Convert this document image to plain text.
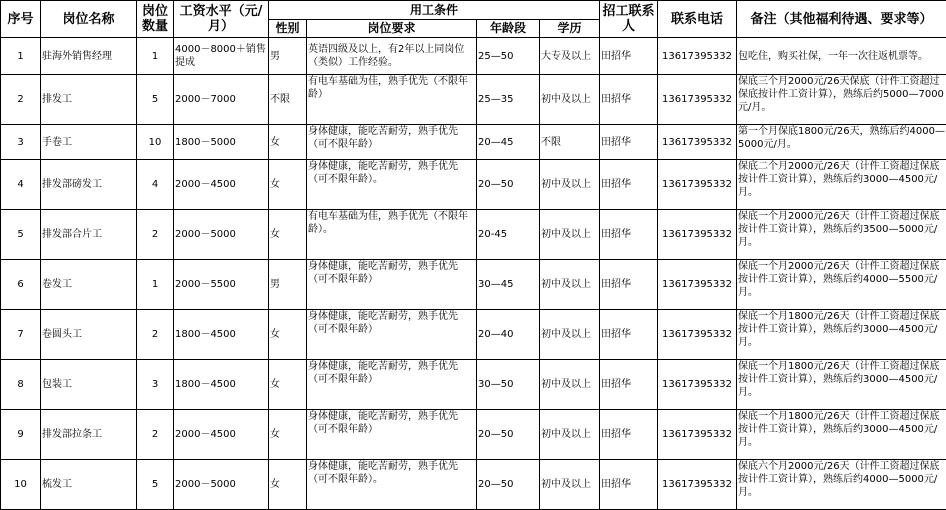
序号	岗位名称	岗位数量	工资水平（元/月）	用工条件				招工联系人	联系电话	备注（其他福利待遇、要求等）
				性别	岗位要求	年龄段	学历			
1	驻海外销售经理	1	4000－8000＋销售提成	男	英语四级及以上，有2年以上同岗位（类似）工作经验。	25—50	大专及以上	田招华	13617395332	包吃住，购买社保，一年一次往返机票等。
2	排发工	5	2000－7000	不限	有电车基础为佳，熟手优先（不限年龄）	25—35	初中及以上	田招华	13617395332	保底三个月2000元/26天保底（计件工资超过保底按计件工资计算），熟练后约5000—7000元/月。
3	手卷工	10	1800－5000	女	身体健康，能吃苦耐劳，熟手优先（可不限年龄）	20—45	不限	田招华	13617395332	第一个月保底1800元/26天，熟练后约4000—5000元/月。
4	排发部磅发工	4	2000－4500	女	身体健康，能吃苦耐劳，熟手优先（可不限年龄）。	20—50	初中及以上	田招华	13617395332	保底二个月2000元/26天（计件工资超过保底按计件工资计算），熟练后约3000—4500元/月。
5	排发部合片工	2	2000－5000	女	有电车基础为佳，熟手优先（不限年龄）。	20-45	初中及以上	田招华	13617395332	保底一个月2000元/26天（计件工资超过保底按计件工资计算），熟练后约3500—5000元/月。
6	卷发工	1	2000－5500	男	身体健康，能吃苦耐劳，熟手优先（可不限年龄）	30—45	初中及以上	田招华	13617395332	保底一个月2000元/26天（计件工资超过保底按计件工资计算），熟练后约4000—5500元/月。
7	卷圆头工	2	1800－4500	女	身体健康，能吃苦耐劳，熟手优先（可不限年龄）	20—40	初中及以上	田招华	13617395332	保底一个月1800元/26天（计件工资超过保底按计件工资计算），熟练后约3000—4500元/月。
8	包装工	3	1800－4500	女	身体健康，能吃苦耐劳，熟手优先（可不限年龄）	30—50	初中及以上	田招华	13617395332	保底一个月1800元/26天（计件工资超过保底按计件工资计算），熟练后约3000—4500元/月。
9	排发部拉条工	2	2000－4500	女	身体健康，能吃苦耐劳，熟手优先（可不限年龄）	20—50	初中及以上	田招华	13617395332	保底一个月1800元/26天（计件工资超过保底按计件工资计算），熟练后约3000—4500元/月。
10	梳发工	5	2000－5000	女	身体健康，能吃苦耐劳，熟手优先（可不限年龄）。	20—50	初中及以上	田招华	13617395332	保底六个月2000元/26天（计件工资超过保底按计件工资计算），熟练后约4000—5000元/月。
